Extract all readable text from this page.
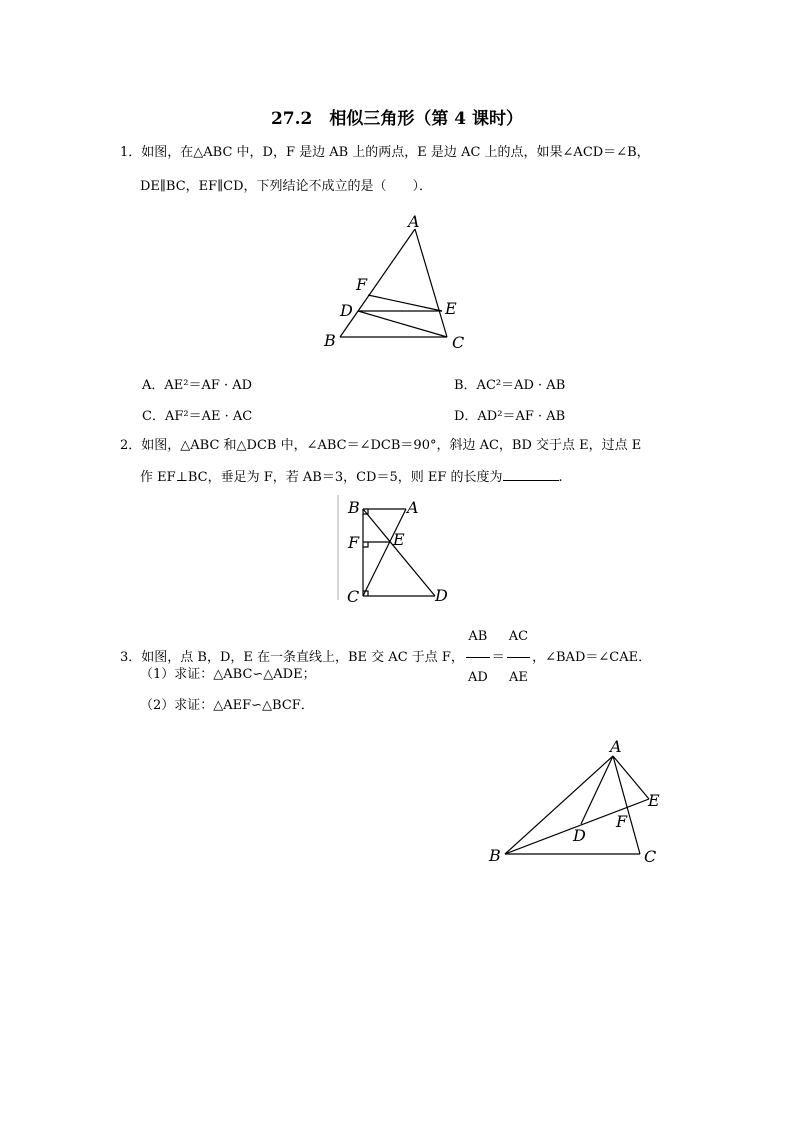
27.2　相似三角形（第 4 课时）
1．如图，在△ABC 中，D，F 是边 AB 上的两点，E 是边 AC 上的点，如果∠ACD＝∠B，
DE∥BC，EF∥CD，下列结论不成立的是（　　）．
A
F
D	E
B	C
A．AE²＝AF · AD	B．AC²＝AD · AB
C．AF²＝AE · AC	D．AD²＝AF · AB
2．如图，△ABC 和△DCB 中，∠ABC＝∠DCB＝90°，斜边 AC，BD 交于点 E，过点 E
作 EF⊥BC，垂足为 F，若 AB＝3，CD＝5，则 EF 的长度为	.
B	A
F E
C	D
3．如图，点 B，D，E 在一条直线上，BE 交 AC 于点 F， $\frac{AB}{AD} = \frac{AC}{AE}$ ，∠BAD＝∠CAE．
（1）求证：△ABC∽△ADE；
（2）求证：△AEF∽△BCF．
A
E
F
D
B	C
